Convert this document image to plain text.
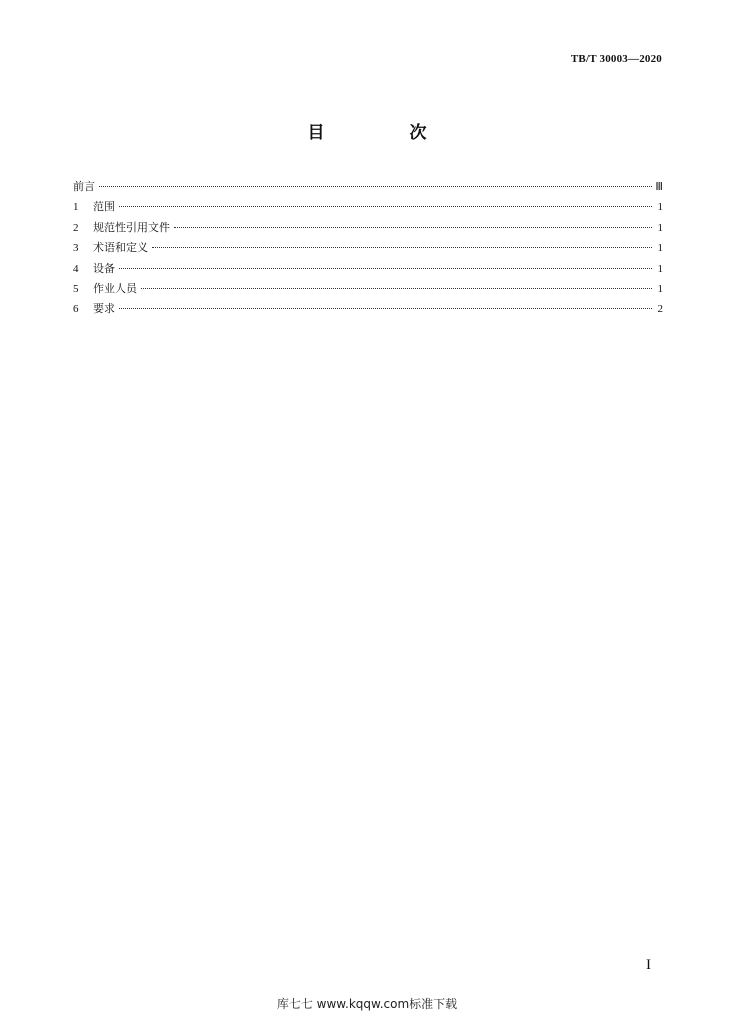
TB/T 30003—2020
目　次
前言	Ⅲ
1	范围	1
2	规范性引用文件	1
3	术语和定义	1
4	设备	1
5	作业人员	1
6	要求	2
I
库七七 www.kqqw.com标准下载
